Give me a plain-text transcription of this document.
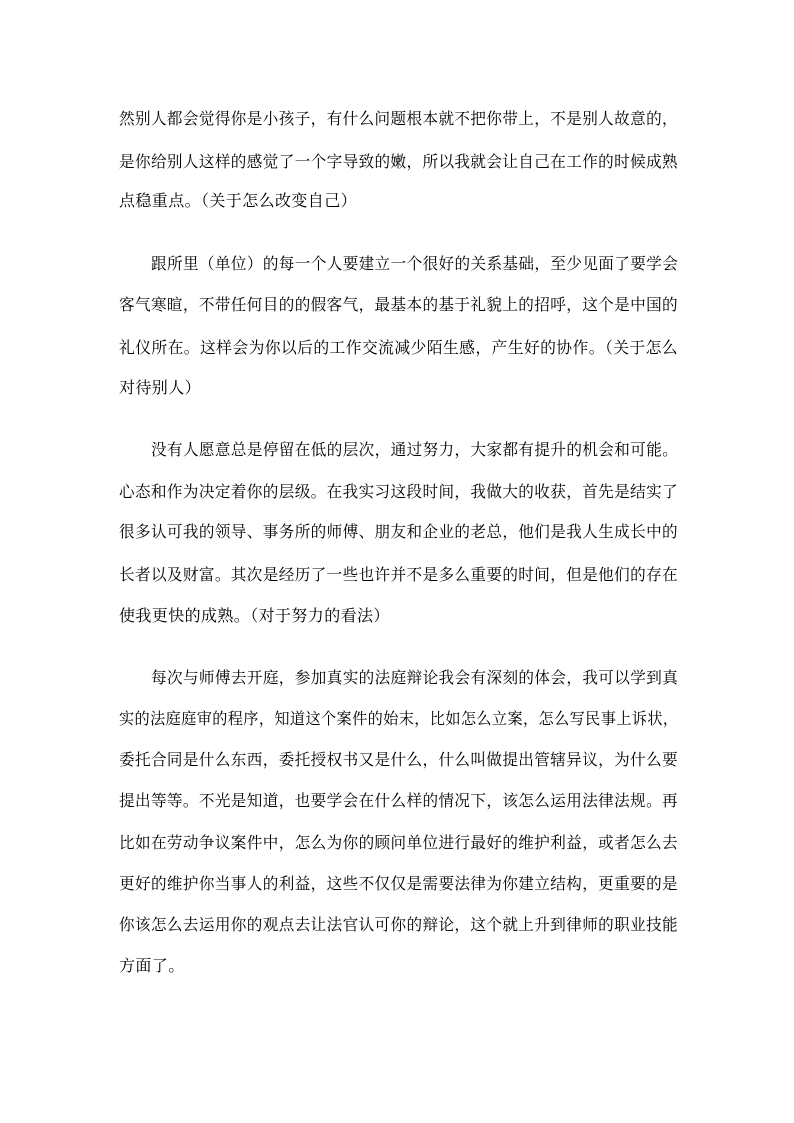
然别人都会觉得你是小孩子，有什么问题根本就不把你带上，不是别人故意的，

是你给别人这样的感觉了一个字导致的嫩，所以我就会让自己在工作的时候成熟

点稳重点。（关于怎么改变自己）

跟所里（单位）的每一个人要建立一个很好的关系基础，至少见面了要学会

客气寒暄，不带任何目的的假客气，最基本的基于礼貌上的招呼，这个是中国的

礼仪所在。这样会为你以后的工作交流减少陌生感，产生好的协作。（关于怎么

对待别人）

没有人愿意总是停留在低的层次，通过努力，大家都有提升的机会和可能。

心态和作为决定着你的层级。在我实习这段时间，我做大的收获，首先是结实了

很多认可我的领导、事务所的师傅、朋友和企业的老总，他们是我人生成长中的

长者以及财富。其次是经历了一些也许并不是多么重要的时间，但是他们的存在

使我更快的成熟。（对于努力的看法）

每次与师傅去开庭，参加真实的法庭辩论我会有深刻的体会，我可以学到真

实的法庭庭审的程序，知道这个案件的始末，比如怎么立案，怎么写民事上诉状，

委托合同是什么东西，委托授权书又是什么，什么叫做提出管辖异议，为什么要

提出等等。不光是知道，也要学会在什么样的情况下，该怎么运用法律法规。再

比如在劳动争议案件中，怎么为你的顾问单位进行最好的维护利益，或者怎么去

更好的维护你当事人的利益，这些不仅仅是需要法律为你建立结构，更重要的是

你该怎么去运用你的观点去让法官认可你的辩论，这个就上升到律师的职业技能

方面了。
